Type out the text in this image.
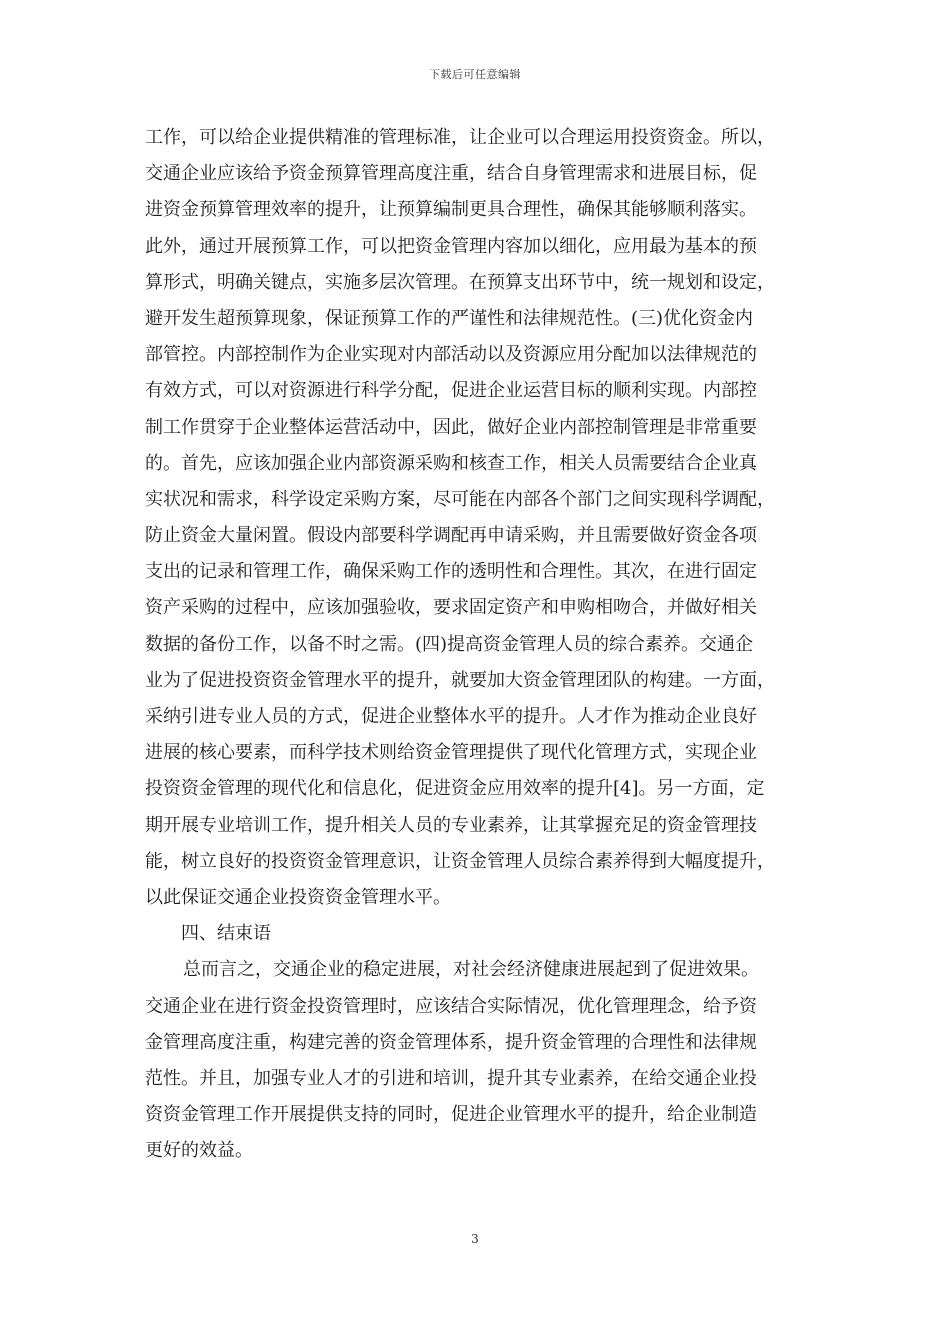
下载后可任意编辑
工作，可以给企业提供精准的管理标准，让企业可以合理运用投资资金。所以，
交通企业应该给予资金预算管理高度注重，结合自身管理需求和进展目标，促
进资金预算管理效率的提升，让预算编制更具合理性，确保其能够顺利落实。
此外，通过开展预算工作，可以把资金管理内容加以细化，应用最为基本的预
算形式，明确关键点，实施多层次管理。在预算支出环节中，统一规划和设定，
避开发生超预算现象，保证预算工作的严谨性和法律规范性。(三)优化资金内
部管控。内部控制作为企业实现对内部活动以及资源应用分配加以法律规范的
有效方式，可以对资源进行科学分配，促进企业运营目标的顺利实现。内部控
制工作贯穿于企业整体运营活动中，因此，做好企业内部控制管理是非常重要
的。首先，应该加强企业内部资源采购和核查工作，相关人员需要结合企业真
实状况和需求，科学设定采购方案，尽可能在内部各个部门之间实现科学调配，
防止资金大量闲置。假设内部要科学调配再申请采购，并且需要做好资金各项
支出的记录和管理工作，确保采购工作的透明性和合理性。其次，在进行固定
资产采购的过程中，应该加强验收，要求固定资产和申购相吻合，并做好相关
数据的备份工作，以备不时之需。(四)提高资金管理人员的综合素养。交通企
业为了促进投资资金管理水平的提升，就要加大资金管理团队的构建。一方面，
采纳引进专业人员的方式，促进企业整体水平的提升。人才作为推动企业良好
进展的核心要素，而科学技术则给资金管理提供了现代化管理方式，实现企业
投资资金管理的现代化和信息化，促进资金应用效率的提升[4]。另一方面，定
期开展专业培训工作，提升相关人员的专业素养，让其掌握充足的资金管理技
能，树立良好的投资资金管理意识，让资金管理人员综合素养得到大幅度提升，
以此保证交通企业投资资金管理水平。
四、结束语
总而言之，交通企业的稳定进展，对社会经济健康进展起到了促进效果。
交通企业在进行资金投资管理时，应该结合实际情况，优化管理理念，给予资
金管理高度注重，构建完善的资金管理体系，提升资金管理的合理性和法律规
范性。并且，加强专业人才的引进和培训，提升其专业素养，在给交通企业投
资资金管理工作开展提供支持的同时，促进企业管理水平的提升，给企业制造
更好的效益。
3
